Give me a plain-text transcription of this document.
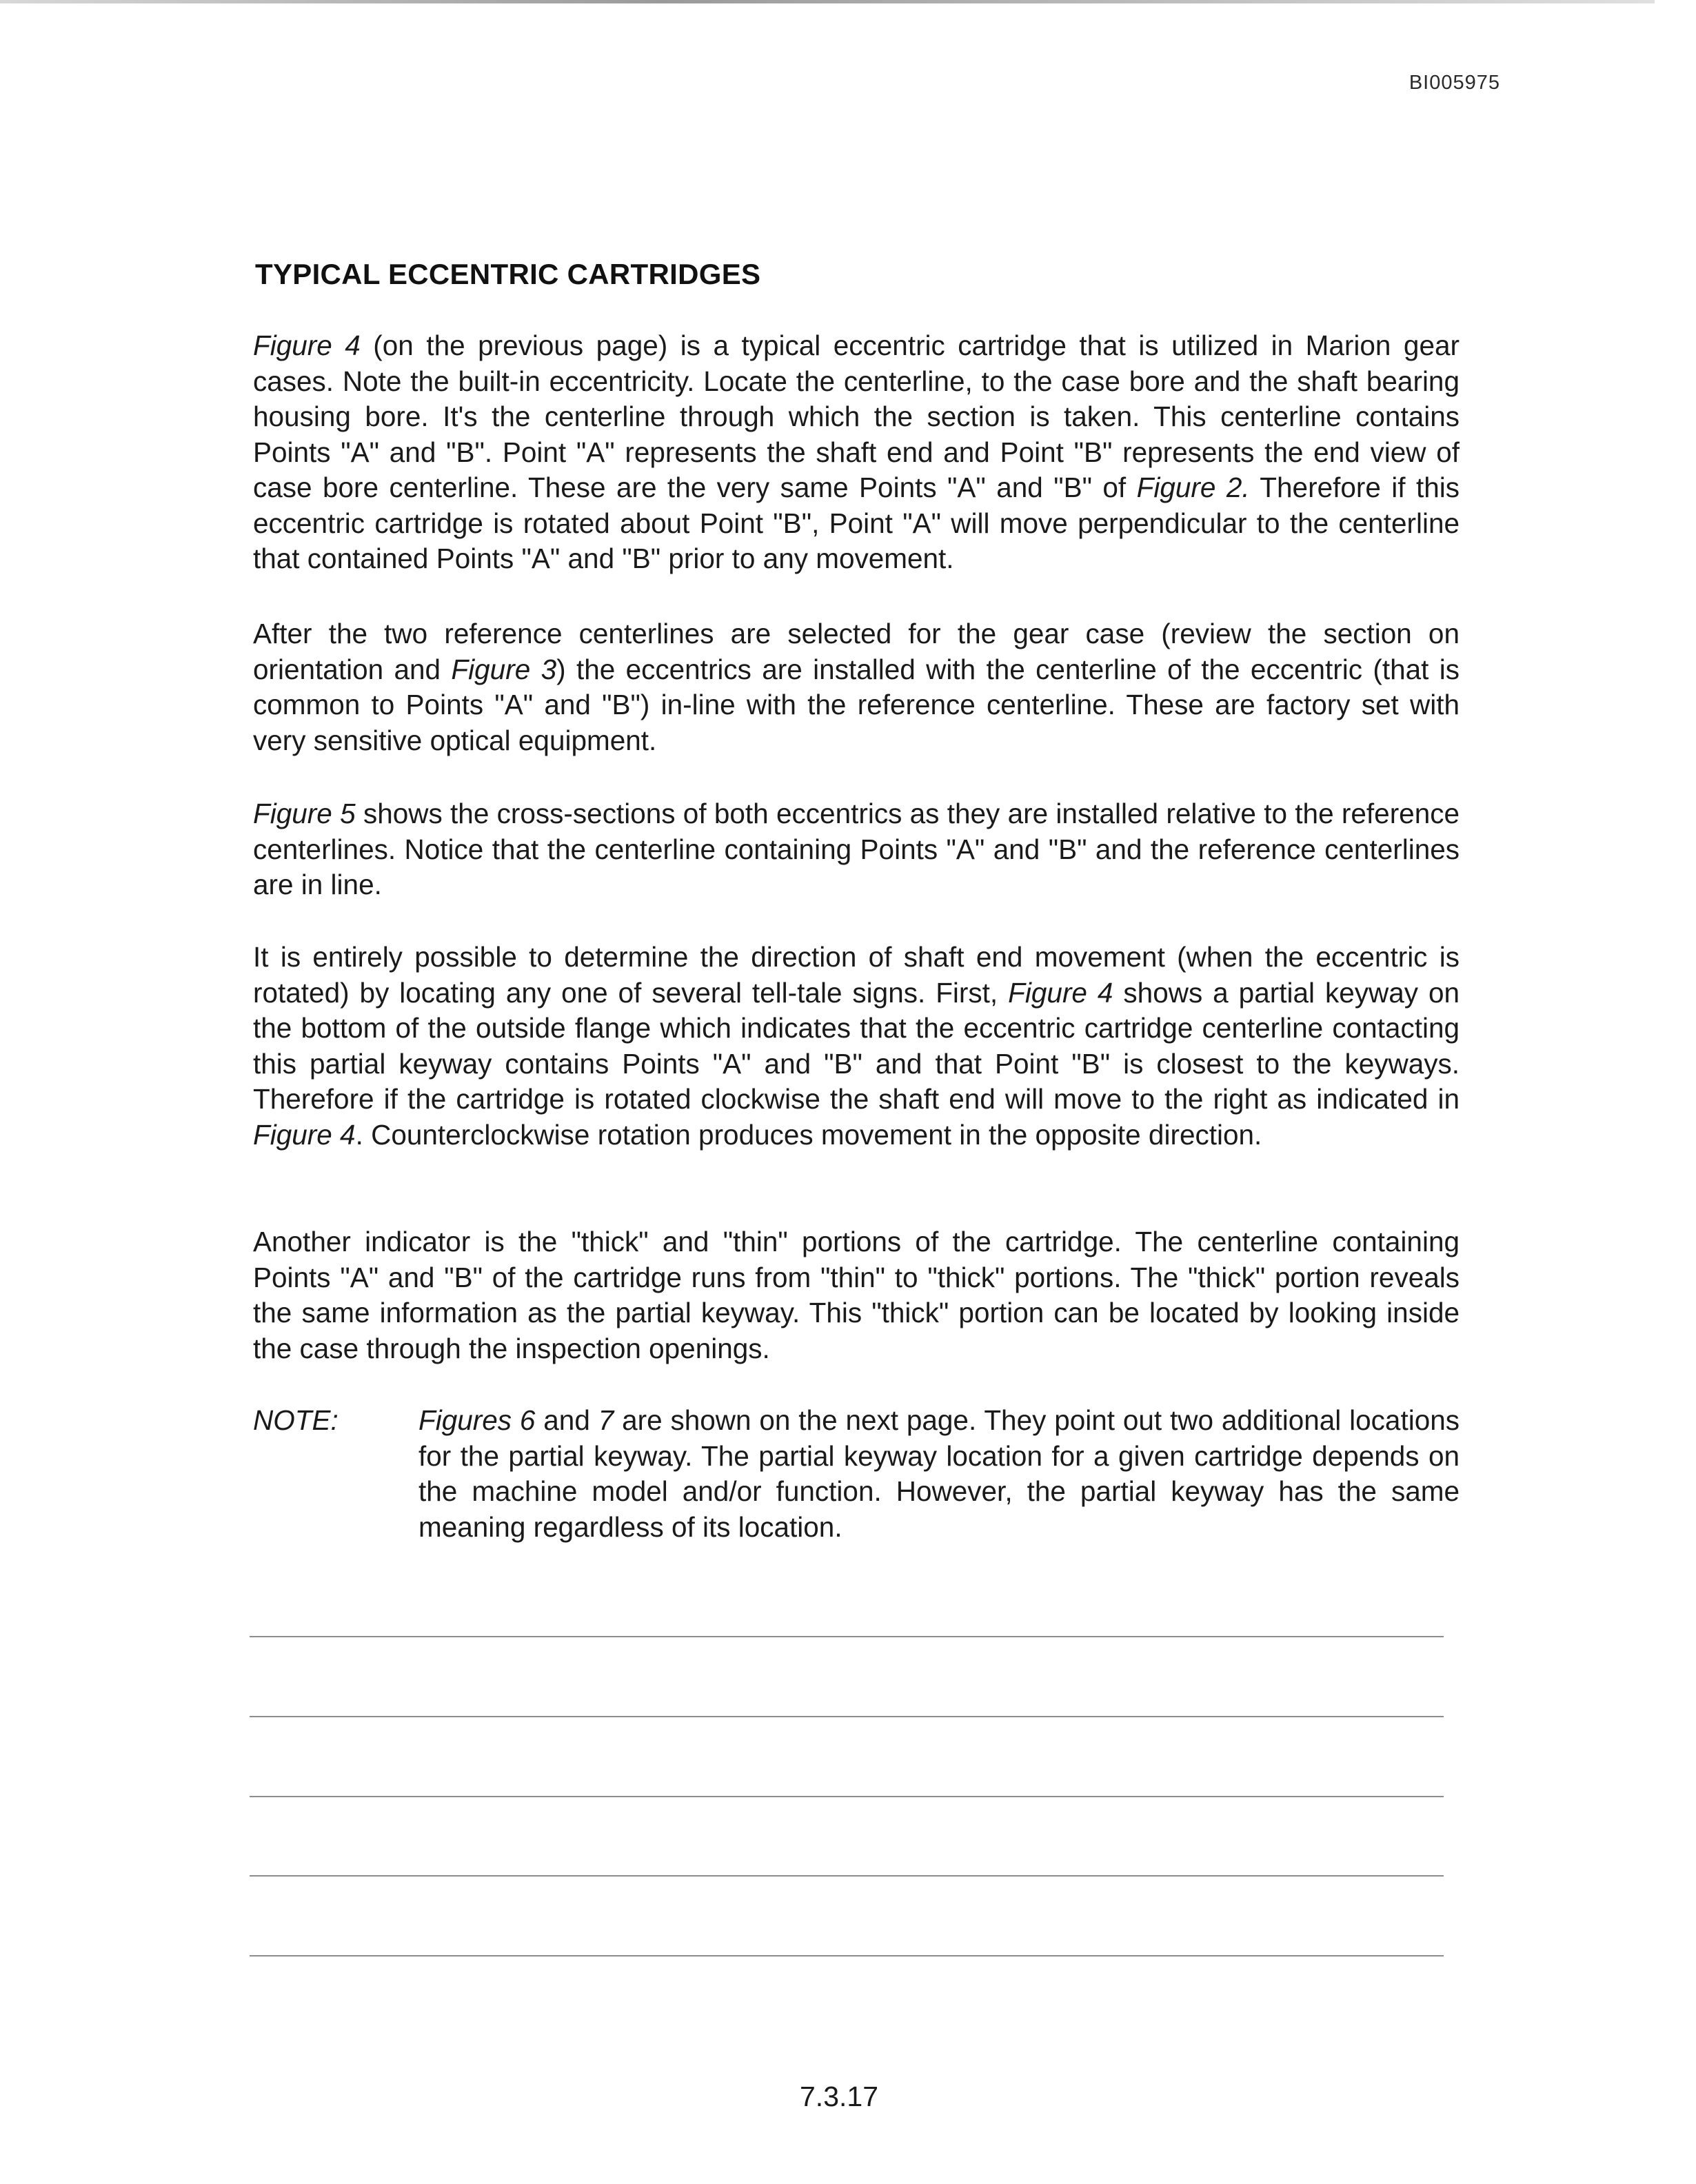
BI005975
TYPICAL ECCENTRIC CARTRIDGES

Figure 4 (on the previous page) is a typical eccentric cartridge that is utilized in Marion gear cases. Note the built-in eccentricity. Locate the centerline, to the case bore and the shaft bearing housing bore. It's the centerline through which the section is taken. This centerline contains Points "A" and "B". Point "A" represents the shaft end and Point "B" represents the end view of case bore centerline. These are the very same Points "A" and "B" of Figure 2. Therefore if this eccentric cartridge is rotated about Point "B", Point "A" will move perpendicular to the centerline that contained Points "A" and "B" prior to any movement.

After the two reference centerlines are selected for the gear case (review the section on orientation and Figure 3) the eccentrics are installed with the centerline of the eccentric (that is common to Points "A" and "B") in-line with the reference centerline. These are factory set with very sensitive optical equipment.

Figure 5 shows the cross-sections of both eccentrics as they are installed relative to the reference centerlines. Notice that the centerline containing Points "A" and "B" and the reference centerlines are in line.

It is entirely possible to determine the direction of shaft end movement (when the eccentric is rotated) by locating any one of several tell-tale signs. First, Figure 4 shows a partial keyway on the bottom of the outside flange which indicates that the eccentric cartridge centerline contacting this partial keyway contains Points "A" and "B" and that Point "B" is closest to the keyways. Therefore if the cartridge is rotated clockwise the shaft end will move to the right as indicated in Figure 4. Counterclockwise rotation produces movement in the opposite direction.

Another indicator is the "thick" and "thin" portions of the cartridge. The centerline containing Points "A" and "B" of the cartridge runs from "thin" to "thick" portions. The "thick" portion reveals the same information as the partial keyway. This "thick" portion can be located by looking inside the case through the inspection openings.

NOTE:	Figures 6 and 7 are shown on the next page. They point out two additional locations for the partial keyway. The partial keyway location for a given cartridge depends on the machine model and/or function. However, the partial keyway has the same meaning regardless of its location.
7.3.17
